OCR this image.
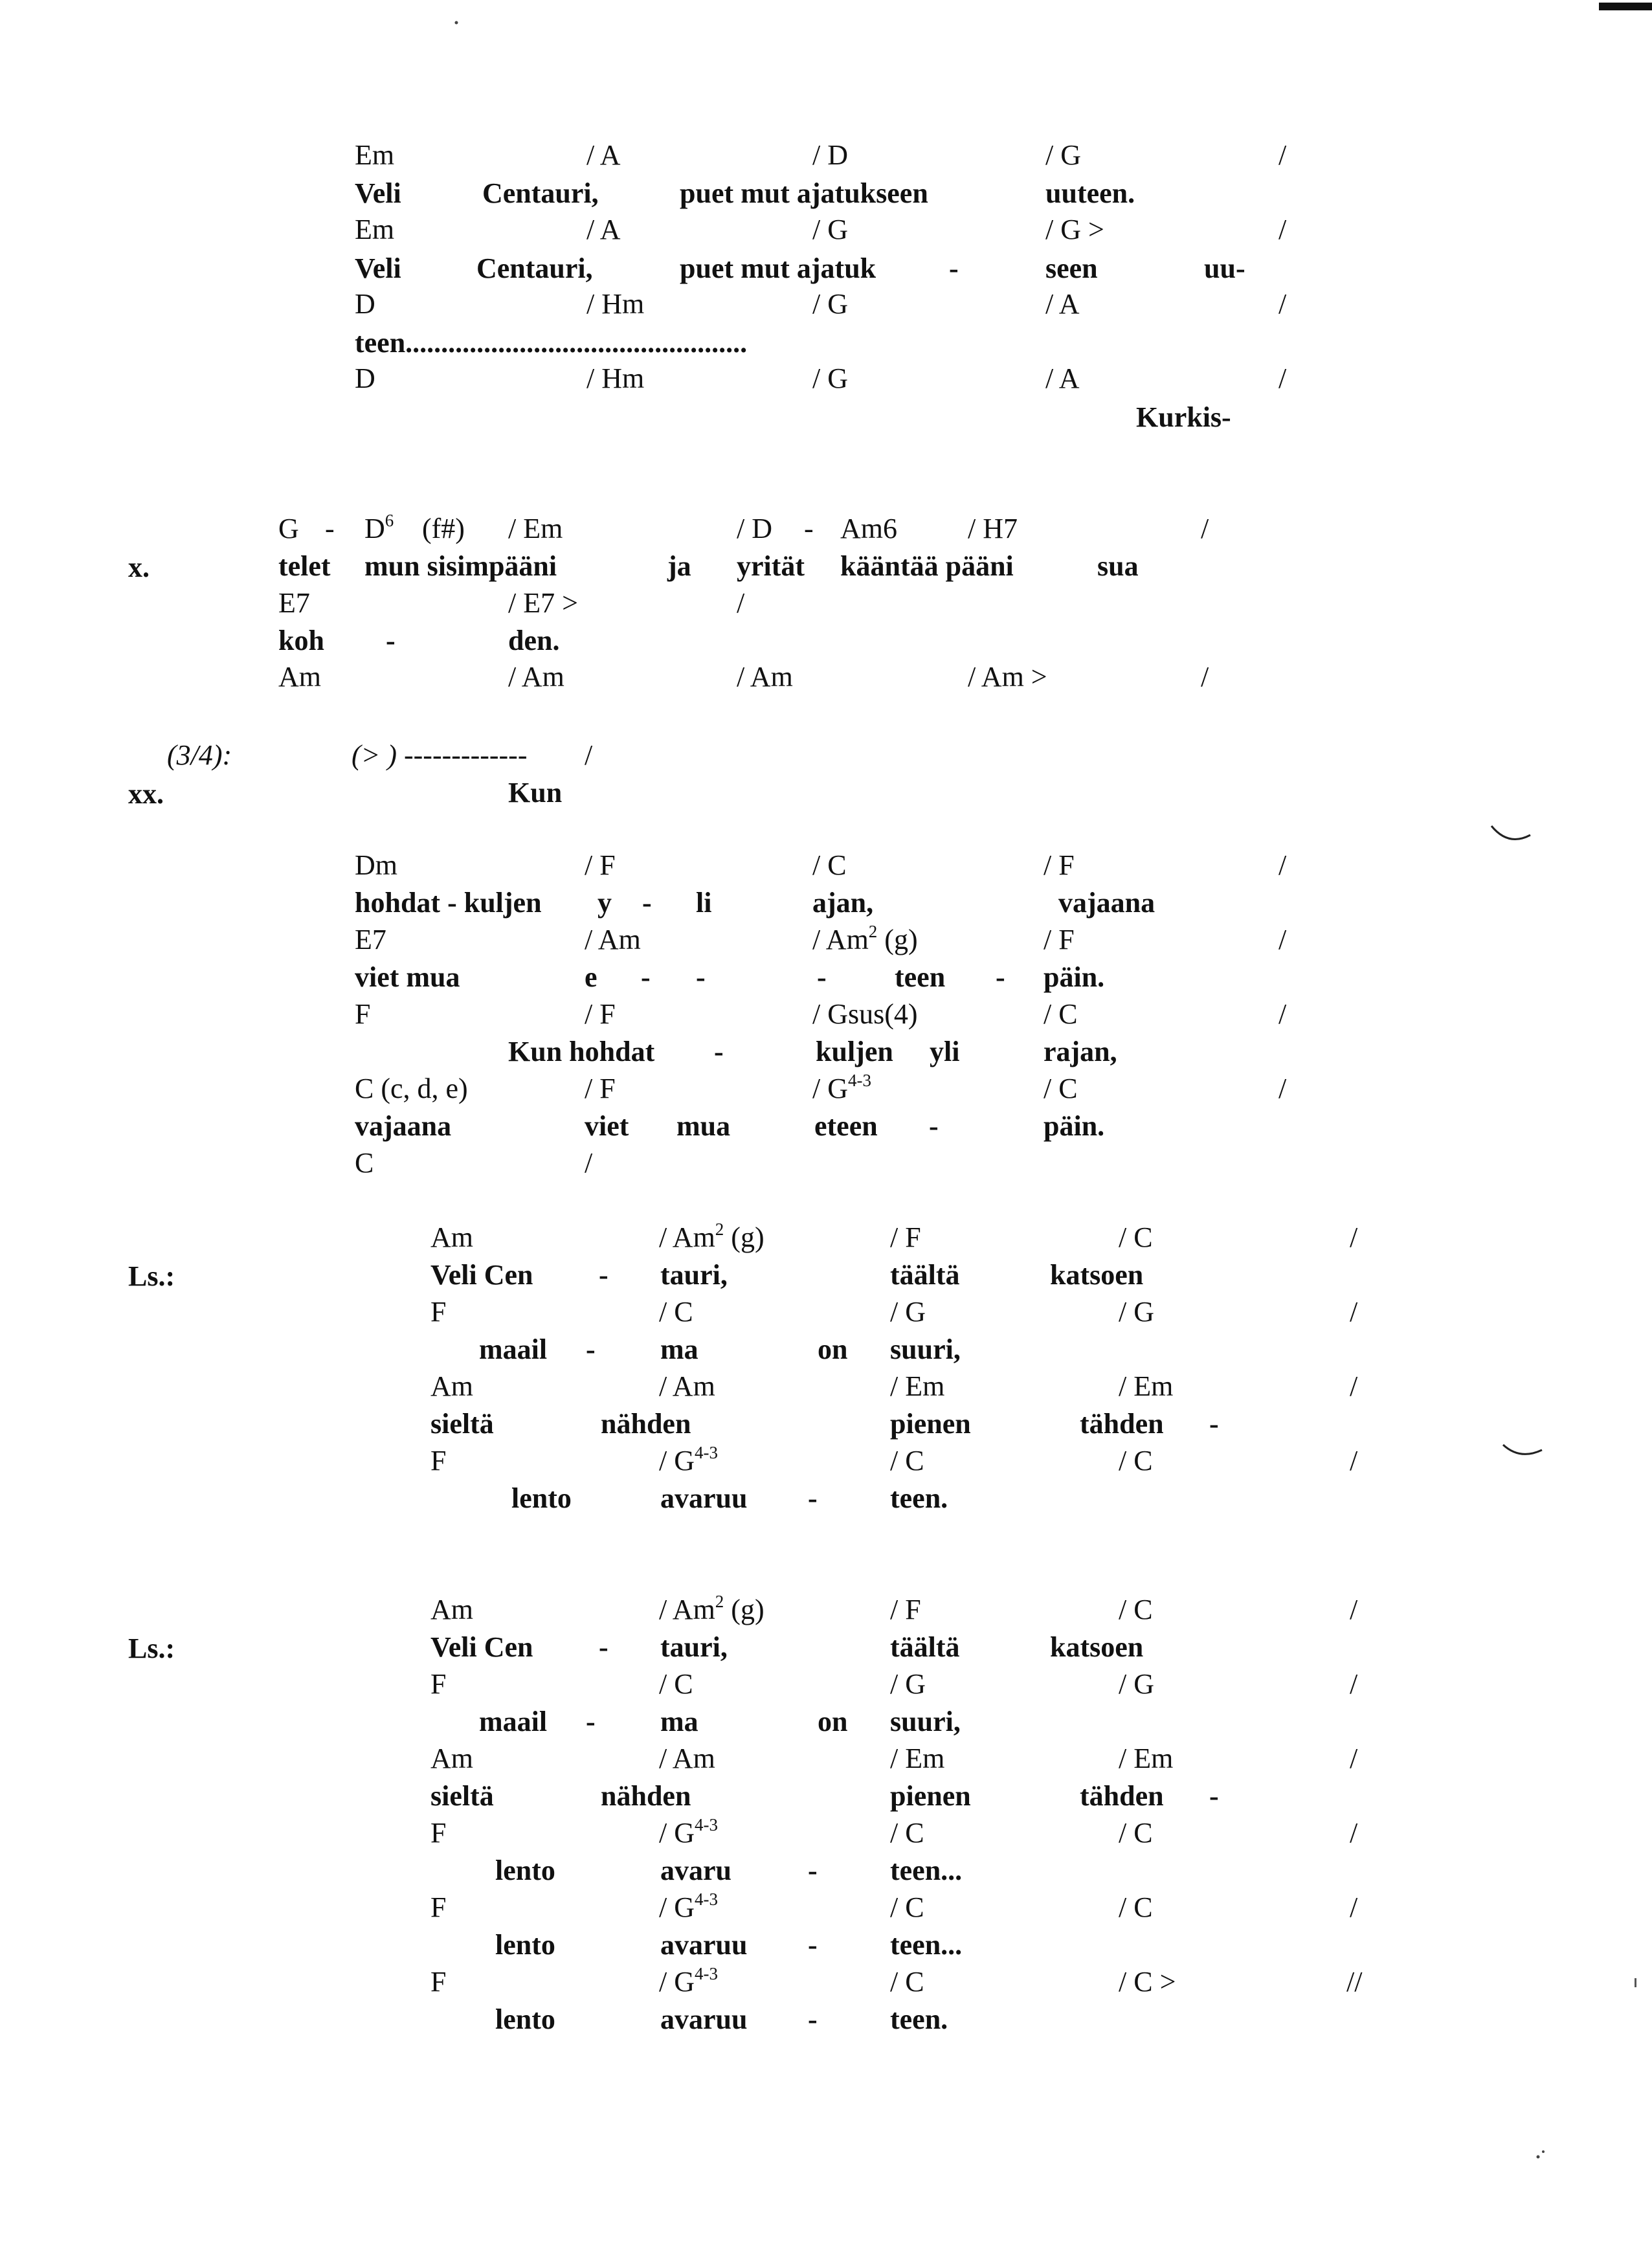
Em	/ A	/ D	/ G	/
Veli	Centauri,	puet mut ajatukseen	uuteen.
Em	/ A	/ G	/ G >	/
Veli	Centauri,	puet mut ajatuk	-	seen	uu-
D	/ Hm	/ G	/ A	/
teen................................................
D	/ Hm	/ G	/ A	/
Kurkis-
G - $D^6$ (f#) / Em	/ D - Am6 / H7	/
x.	telet mun sisimpääni	ja yrität kääntää pääni	sua
E7	/ E7 >	/
koh -	den.
Am	/ Am	/ Am	/ Am >	/
(3/4):	(> ) ------------- /
xx.	Kun
Dm	/ F	/ C	/ F	/
hohdat - kuljen y - li	ajan,	vajaana
E7	/ Am	/ Am$^2$ (g)	/ F	/
viet mua	e - -	- teen - päin.
F	/ F	/ Gsus(4)	/ C	/
Kun hohdat -	kuljen yli	rajan,
C (c, d, e)	/ F	/ $G^{4-3}$	/ C	/
vajaana	viet mua	eteen -	päin.
C	/
Am	/ Am$^2$ (g)	/ F	/ C	/
Ls.:	Veli Cen - tauri,	täältä	katsoen
F	/ C	/ G	/ G	/
maail - ma	on suuri,
Am	/ Am	/ Em	/ Em	/
sieltä	nähden	pienen	tähden -
F	/ $G^{4-3}$	/ C	/ C	/
lento	avaruu -	teen.
Am	/ Am$^2$ (g)	/ F	/ C	/
Ls.:	Veli Cen - tauri,	täältä	katsoen
F	/ C	/ G	/ G	/
maail - ma	on suuri,
Am	/ Am	/ Em	/ Em	/
sieltä	nähden	pienen	tähden -
F	/ $G^{4-3}$	/ C	/ C	/
lento	avaru	-	teen...
F	/ $G^{4-3}$	/ C	/ C	/
lento	avaruu -	teen...
F	/ $G^{4-3}$	/ C	/ C >	//
lento	avaruu -	teen.
